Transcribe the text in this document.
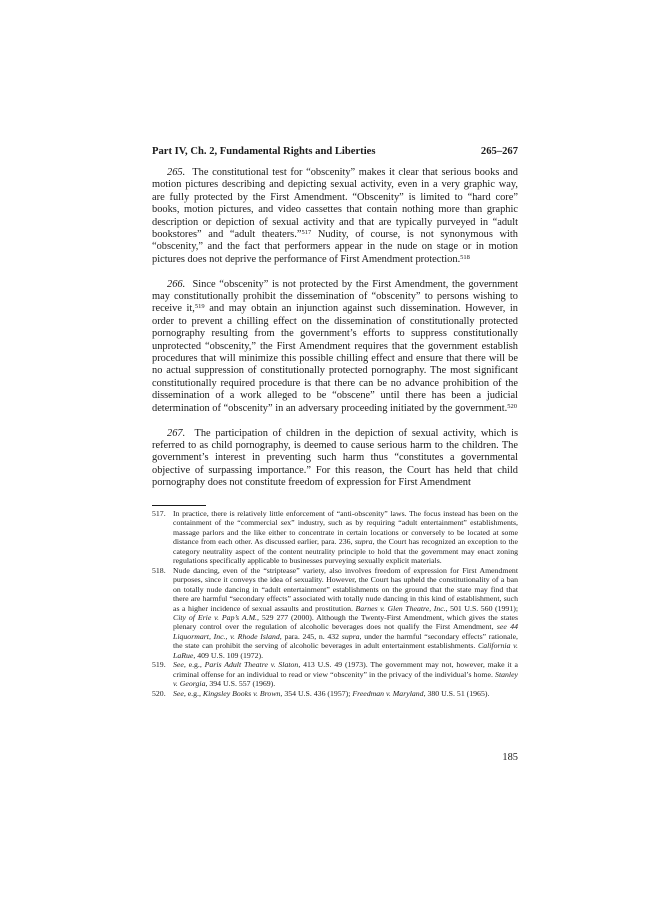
Part IV, Ch. 2, Fundamental Rights and Liberties	265–267

265. The constitutional test for “obscenity” makes it clear that serious books and motion pictures describing and depicting sexual activity, even in a very graphic way, are fully protected by the First Amendment. “Obscenity” is limited to “hard core” books, motion pictures, and video cassettes that contain nothing more than graphic description or depiction of sexual activity and that are typically purveyed in “adult bookstores” and “adult theaters.”$^{517}$ Nudity, of course, is not synonymous with “obscenity,” and the fact that performers appear in the nude on stage or in motion pictures does not deprive the performance of First Amendment protection.$^{518}$

266. Since “obscenity” is not protected by the First Amendment, the government may constitutionally prohibit the dissemination of “obscenity” to persons wishing to receive it,$^{519}$ and may obtain an injunction against such dissemination. However, in order to prevent a chilling effect on the dissemination of constitutionally protected pornography resulting from the government’s efforts to suppress constitutionally unprotected “obscenity,” the First Amendment requires that the government establish procedures that will minimize this possible chilling effect and ensure that there will be no actual suppression of constitutionally protected pornography. The most significant constitutionally required procedure is that there can be no advance prohibition of the dissemination of a work alleged to be “obscene” until there has been a judicial determination of “obscenity” in an adversary proceeding initiated by the government.$^{520}$

267. The participation of children in the depiction of sexual activity, which is referred to as child pornography, is deemed to cause serious harm to the children. The government’s interest in preventing such harm thus “constitutes a governmental objective of surpassing importance.” For this reason, the Court has held that child pornography does not constitute freedom of expression for First Amendment

517. In practice, there is relatively little enforcement of “anti-obscenity” laws. The focus instead has been on the containment of the “commercial sex” industry, such as by requiring “adult entertainment” establishments, massage parlors and the like either to concentrate in certain locations or conversely to be located at some distance from each other. As discussed earlier, para. 236, supra, the Court has recognized an exception to the category neutrality aspect of the content neutrality principle to hold that the government may enact zoning regulations specifically applicable to businesses purveying sexually explicit materials.
518. Nude dancing, even of the “striptease” variety, also involves freedom of expression for First Amendment purposes, since it conveys the idea of sexuality. However, the Court has upheld the constitutionality of a ban on totally nude dancing in “adult entertainment” establishments on the ground that the state may find that there are harmful “secondary effects” associated with totally nude dancing in this kind of establishment, such as a higher incidence of sexual assaults and prostitution. Barnes v. Glen Theatre, Inc., 501 U.S. 560 (1991); City of Erie v. Pap’s A.M., 529 277 (2000). Although the Twenty-First Amendment, which gives the states plenary control over the regulation of alcoholic beverages does not qualify the First Amendment, see 44 Liquormart, Inc., v. Rhode Island, para. 245, n. 432 supra, under the harmful “secondary effects” rationale, the state can prohibit the serving of alcoholic beverages in adult entertainment establishments. California v. LaRue, 409 U.S. 109 (1972).
519. See, e.g., Paris Adult Theatre v. Slaton, 413 U.S. 49 (1973). The government may not, however, make it a criminal offense for an individual to read or view “obscenity” in the privacy of the individual’s home. Stanley v. Georgia, 394 U.S. 557 (1969).
520. See, e.g., Kingsley Books v. Brown, 354 U.S. 436 (1957); Freedman v. Maryland, 380 U.S. 51 (1965).
185
